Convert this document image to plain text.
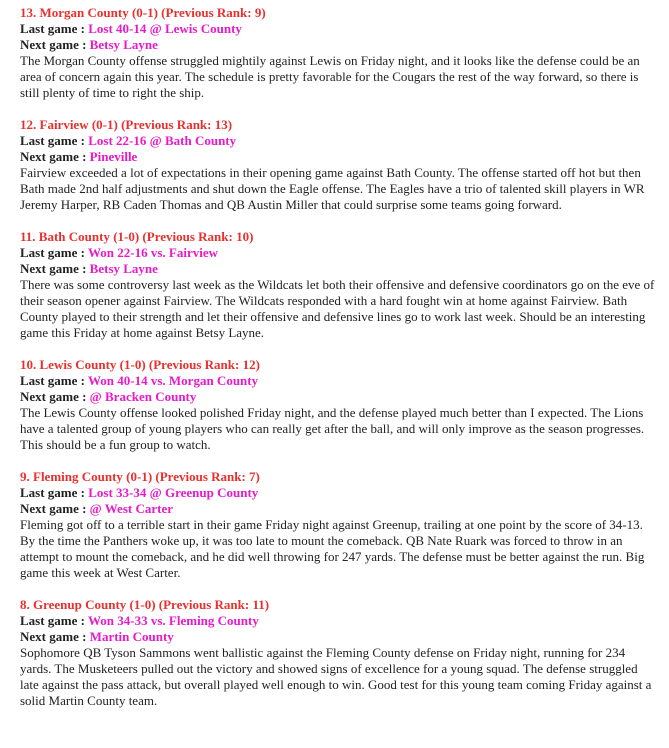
13. Morgan County (0-1) (Previous Rank: 9)
Last game : Lost 40-14 @ Lewis County
Next game : Betsy Layne
The Morgan County offense struggled mightily against Lewis on Friday night, and it looks like the defense could be an area of concern again this year. The schedule is pretty favorable for the Cougars the rest of the way forward, so there is still plenty of time to right the ship.
12. Fairview (0-1) (Previous Rank: 13)
Last game : Lost 22-16 @ Bath County
Next game : Pineville
Fairview exceeded a lot of expectations in their opening game against Bath County. The offense started off hot but then Bath made 2nd half adjustments and shut down the Eagle offense. The Eagles have a trio of talented skill players in WR Jeremy Harper, RB Caden Thomas and QB Austin Miller that could surprise some teams going forward.
11. Bath County (1-0) (Previous Rank: 10)
Last game : Won 22-16 vs. Fairview
Next game : Betsy Layne
There was some controversy last week as the Wildcats let both their offensive and defensive coordinators go on the eve of their season opener against Fairview. The Wildcats responded with a hard fought win at home against Fairview. Bath County played to their strength and let their offensive and defensive lines go to work last week. Should be an interesting game this Friday at home against Betsy Layne.
10. Lewis County (1-0) (Previous Rank: 12)
Last game : Won 40-14 vs. Morgan County
Next game : @ Bracken County
The Lewis County offense looked polished Friday night, and the defense played much better than I expected. The Lions have a talented group of young players who can really get after the ball, and will only improve as the season progresses. This should be a fun group to watch.
9. Fleming County (0-1) (Previous Rank: 7)
Last game : Lost 33-34 @ Greenup County
Next game : @ West Carter
Fleming got off to a terrible start in their game Friday night against Greenup, trailing at one point by the score of 34-13. By the time the Panthers woke up, it was too late to mount the comeback. QB Nate Ruark was forced to throw in an attempt to mount the comeback, and he did well throwing for 247 yards. The defense must be better against the run. Big game this week at West Carter.
8. Greenup County (1-0) (Previous Rank: 11)
Last game : Won 34-33 vs. Fleming County
Next game : Martin County
Sophomore QB Tyson Sammons went ballistic against the Fleming County defense on Friday night, running for 234 yards. The Musketeers pulled out the victory and showed signs of excellence for a young squad. The defense struggled late against the pass attack, but overall played well enough to win. Good test for this young team coming Friday against a solid Martin County team.
